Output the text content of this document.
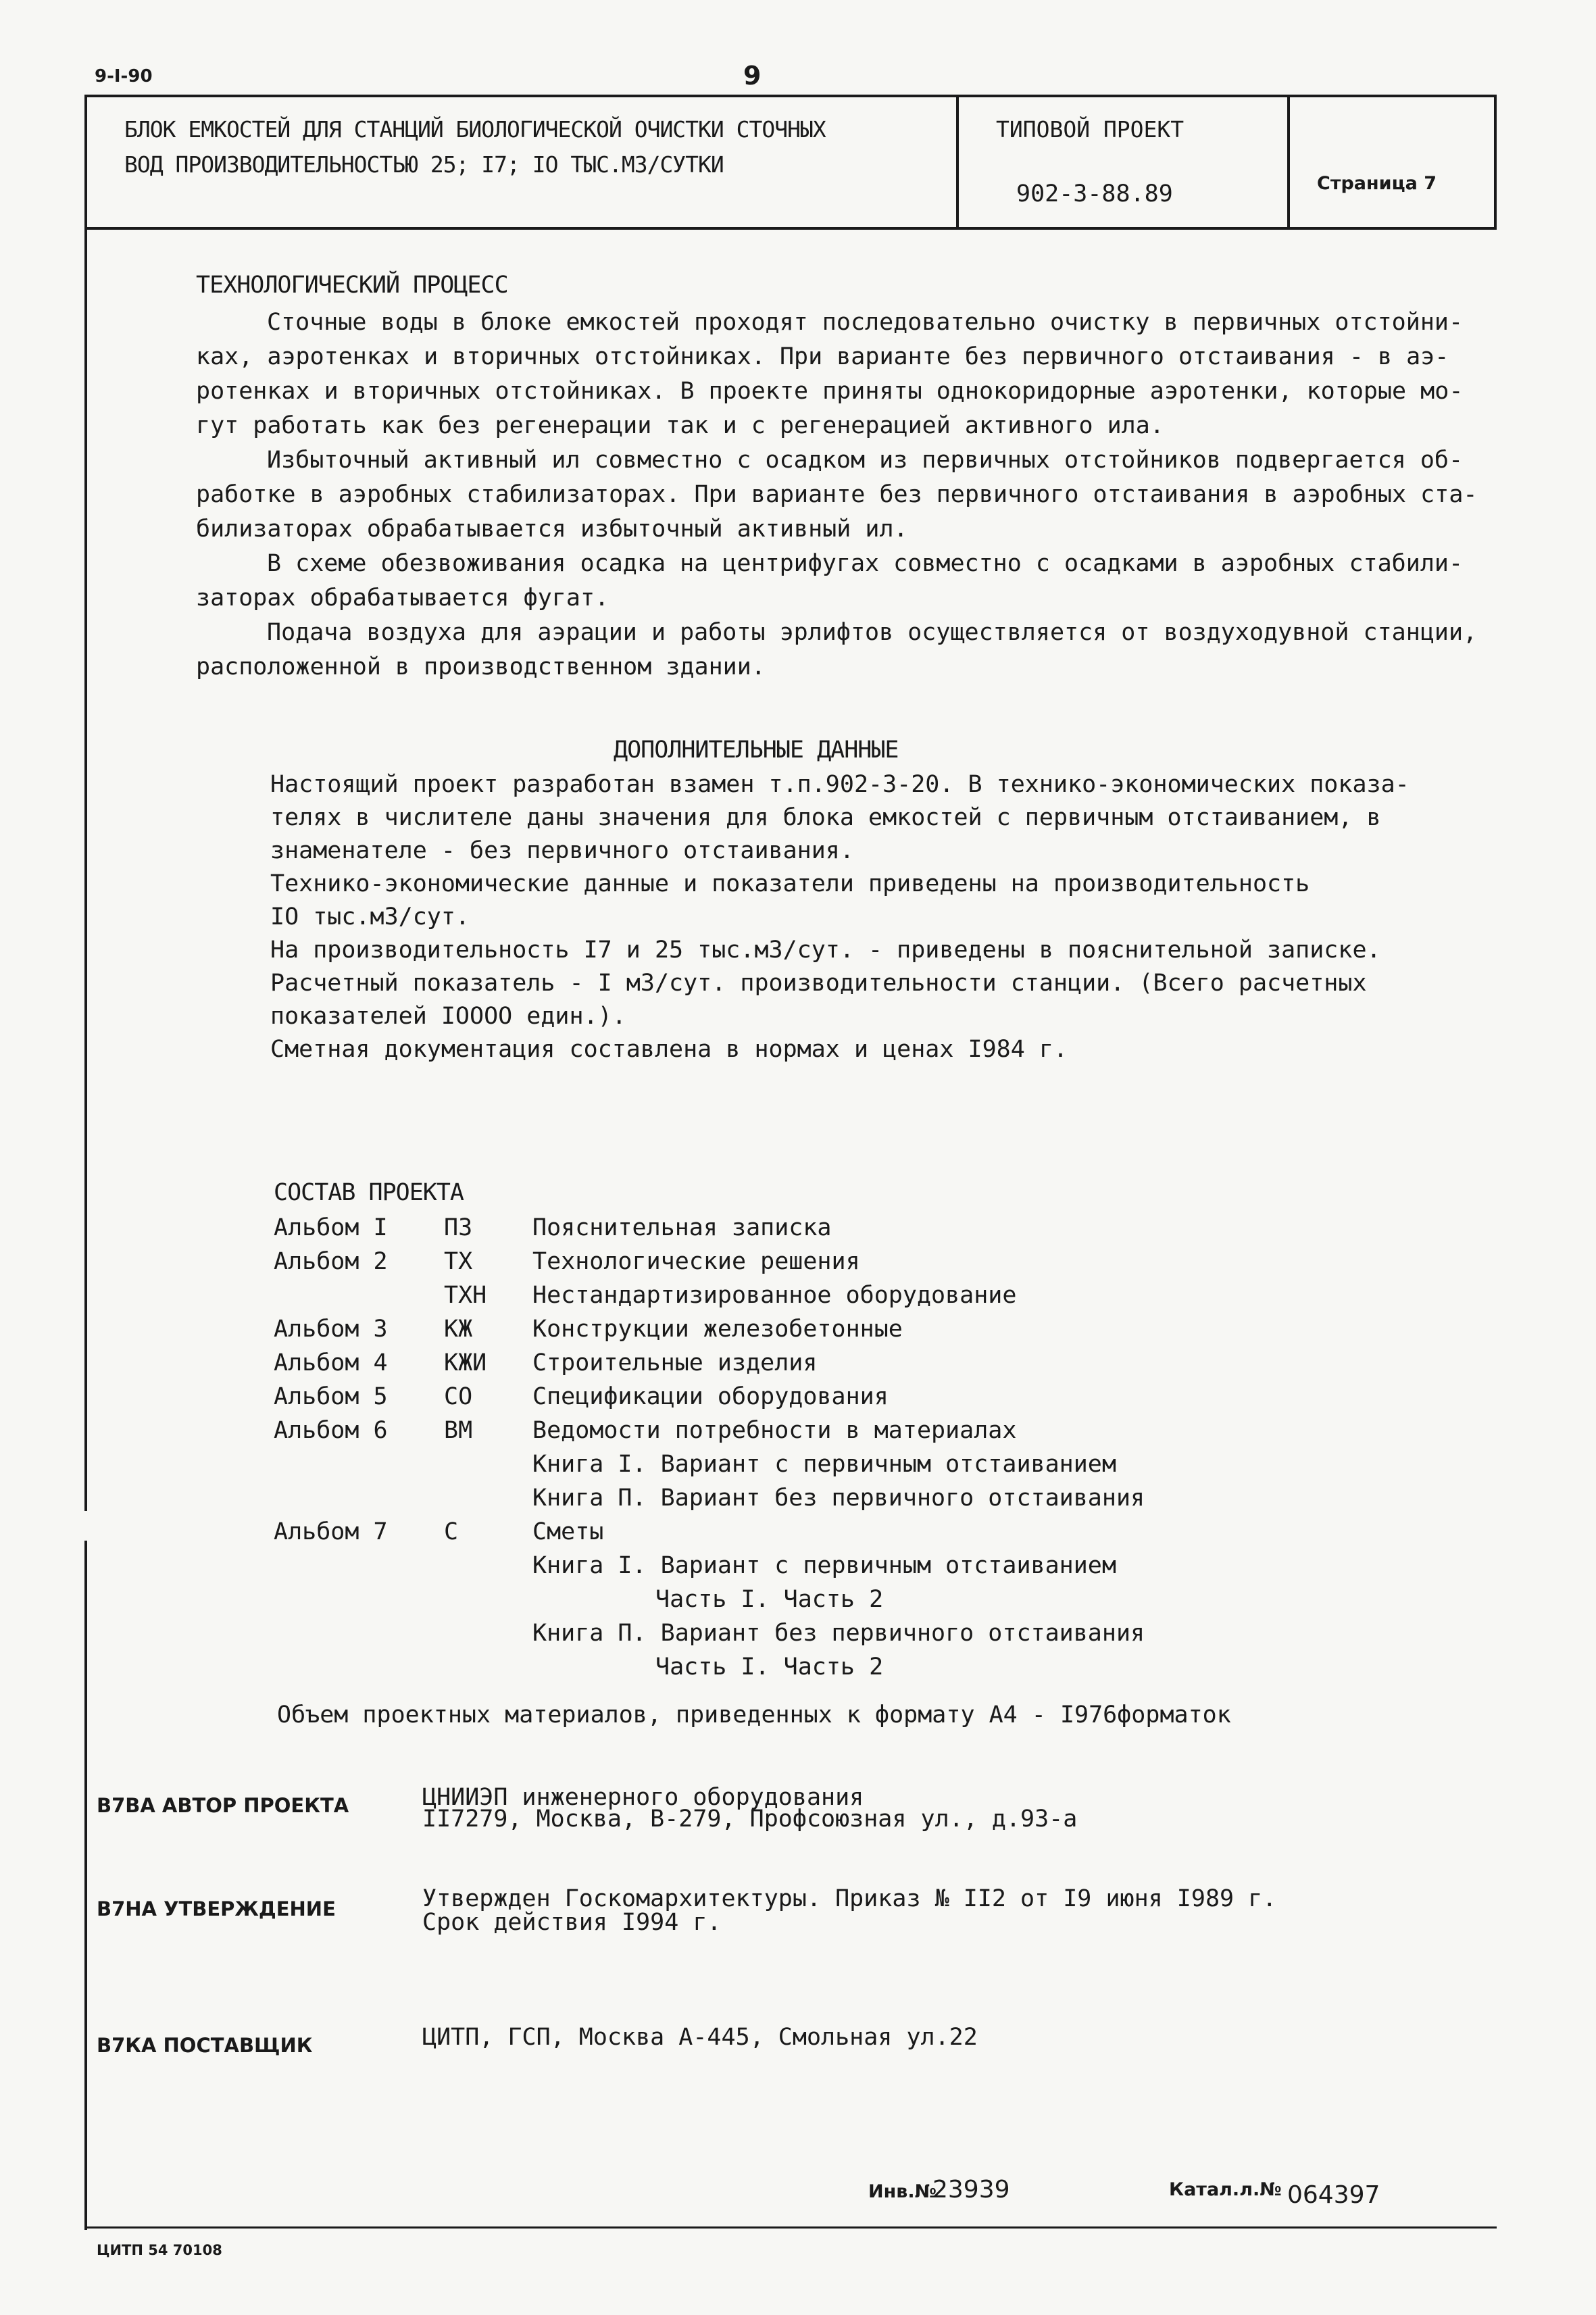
9-I-90	9
БЛОК ЕМКОСТЕЙ ДЛЯ СТАНЦИЙ БИОЛОГИЧЕСКОЙ ОЧИСТКИ СТОЧНЫХ
ВОД ПРОИЗВОДИТЕЛЬНОСТЬЮ 25; I7; IO ТЫС.М3/СУТКИ
ТИПОВОЙ ПРОЕКТ
902-3-88.89	Страница 7
ТЕХНОЛОГИЧЕСКИЙ ПРОЦЕСС
Сточные воды в блоке емкостей проходят последовательно очистку в первичных отстойни-
ках, аэротенках и вторичных отстойниках. При варианте без первичного отстаивания - в аэ-
ротенках и вторичных отстойниках. В проекте приняты однокоридорные аэротенки, которые мо-
гут работать как без регенерации так и с регенерацией активного ила.
Избыточный активный ил совместно с осадком из первичных отстойников подвергается об-
работке в аэробных стабилизаторах. При варианте без первичного отстаивания в аэробных ста-
билизаторах обрабатывается избыточный активный ил.
В схеме обезвоживания осадка на центрифугах совместно с осадками в аэробных стабили-
заторах обрабатывается фугат.
Подача воздуха для аэрации и работы эрлифтов осуществляется от воздуходувной станции,
расположенной в производственном здании.
ДОПОЛНИТЕЛЬНЫЕ ДАННЫЕ
Настоящий проект разработан взамен т.п.902-3-20. В технико-экономических показа-
телях в числителе даны значения для блока емкостей с первичным отстаиванием, в
знаменателе - без первичного отстаивания.
Технико-экономические данные и показатели приведены на производительность
IO тыс.м3/сут.
На производительность I7 и 25 тыс.м3/сут. - приведены в пояснительной записке.
Расчетный показатель - I м3/сут. производительности станции. (Всего расчетных
показателей IOOOO един.).
Сметная документация составлена в нормах и ценах I984 г.
СОСТАВ ПРОЕКТА
Альбом I ПЗ	Пояснительная записка
Альбом 2 ТХ	Технологические решения
ТХН Нестандартизированное оборудование
Альбом 3 КЖ	Конструкции железобетонные
Альбом 4 КЖИ Строительные изделия
Альбом 5 СО	Спецификации оборудования
Альбом 6 ВМ	Ведомости потребности в материалах
Книга I. Вариант с первичным отстаиванием
Книга П. Вариант без первичного отстаивания
Альбом 7 С	Сметы
Книга I. Вариант с первичным отстаиванием
Часть I. Часть 2
Книга П. Вариант без первичного отстаивания
Часть I. Часть 2
Объем проектных материалов, приведенных к формату А4 - I976форматок
В7ВА АВТОР ПРОЕКТА	ЦНИИЭП инженерного оборудования
II7279, Москва, В-279, Профсоюзная ул., д.93-а
В7НА УТВЕРЖДЕНИЕ	Утвержден Госкомархитектуры. Приказ № II2 от I9 июня I989 г.
Срок действия I994 г.
В7КА ПОСТАВЩИК	ЦИТП, ГСП, Москва А-445, Смольная ул.22
Инв.№
23939	Катал.л.№ 064397
ЦИТП 54 70108
